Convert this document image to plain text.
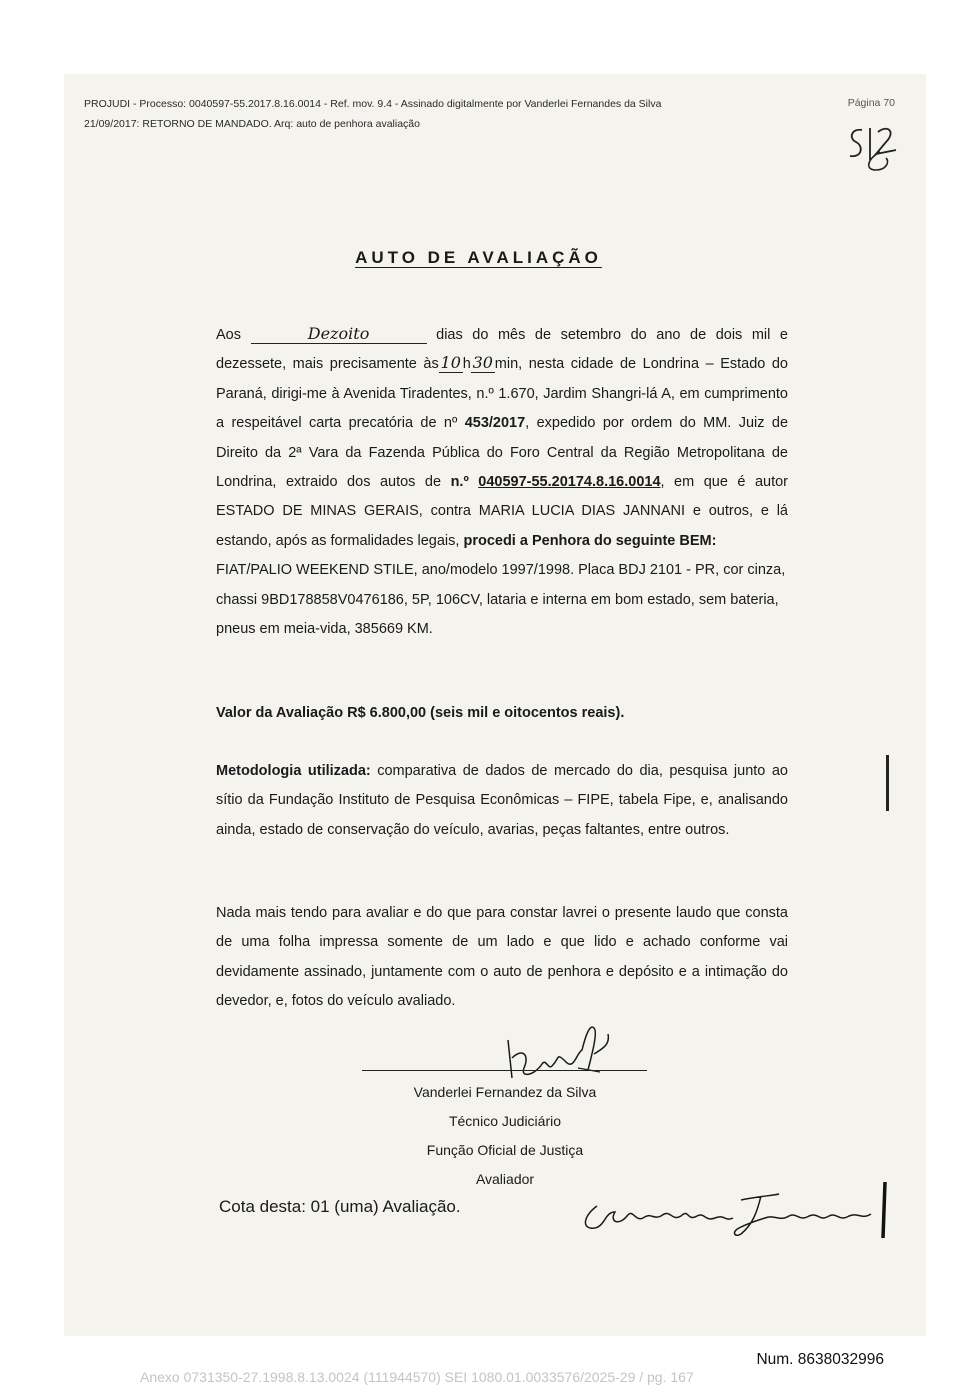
PROJUDI - Processo: 0040597-55.2017.8.16.0014 - Ref. mov. 9.4 - Assinado digitalmente por Vanderlei Fernandes da Silva
21/09/2017: RETORNO DE MANDADO. Arq: auto de penhora avaliação
Página 70
AUTO DE AVALIAÇÃO

Aos	Dezoito	dias do mês de setembro do ano de dois mil e dezessete, mais precisamente às 10 h 30 min, nesta cidade de Londrina – Estado do Paraná, dirigi-me à Avenida Tiradentes, n.º 1.670, Jardim Shangri-lá A, em cumprimento a respeitável carta precatória de nº 453/2017, expedido por ordem do MM. Juiz de Direito da 2ª Vara da Fazenda Pública do Foro Central da Região Metropolitana de Londrina, extraido dos autos de n.º 040597-55.20174.8.16.0014, em que é autor ESTADO DE MINAS GERAIS, contra MARIA LUCIA DIAS JANNANI e outros, e lá estando, após as formalidades legais, procedi a Penhora do seguinte BEM:

FIAT/PALIO WEEKEND STILE, ano/modelo 1997/1998. Placa BDJ 2101 - PR, cor cinza, chassi 9BD178858V0476186, 5P, 106CV, lataria e interna em bom estado, sem bateria, pneus em meia-vida, 385669 KM.

Valor da Avaliação R$ 6.800,00 (seis mil e oitocentos reais).

Metodologia utilizada: comparativa de dados de mercado do dia, pesquisa junto ao sítio da Fundação Instituto de Pesquisa Econômicas – FIPE, tabela Fipe, e, analisando ainda, estado de conservação do veículo, avarias, peças faltantes, entre outros.

Nada mais tendo para avaliar e do que para constar lavrei o presente laudo que consta de uma folha impressa somente de um lado e que lido e achado conforme vai devidamente assinado, juntamente com o auto de penhora e depósito e a intimação do devedor, e, fotos do veículo avaliado.
Vanderlei Fernandez da Silva
Técnico Judiciário
Função Oficial de Justiça
Avaliador
Cota desta: 01 (uma) Avaliação.
Num. 8638032996
Anexo 0731350-27.1998.8.13.0024 (111944570) SEI 1080.01.0033576/2025-29 / pg. 167
